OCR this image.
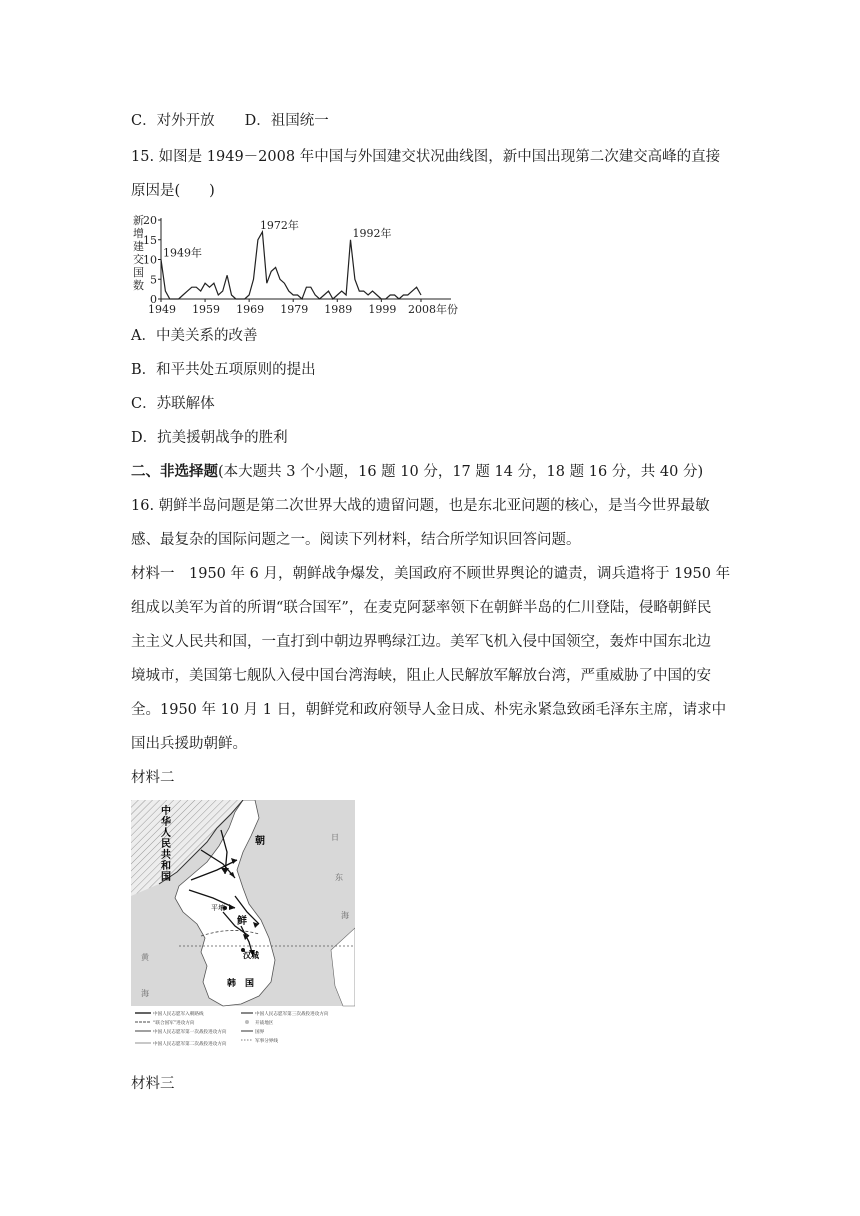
C．对外开放 D．祖国统一
15. 如图是 1949－2008 年中国与外国建交状况曲线图，新中国出现第二次建交高峰的直接
原因是(　　)
0
5
10
15
20
1949 1959 1969 1979 1989 1999 2008年份
1949年
1972年
1992年
新
增
建
交
国
数
A．中美关系的改善
B．和平共处五项原则的提出
C．苏联解体
D．抗美援朝战争的胜利
二、非选择题(本大题共 3 个小题，16 题 10 分，17 题 14 分，18 题 16 分，共 40 分)
16. 朝鲜半岛问题是第二次世界大战的遗留问题，也是东北亚问题的核心，是当今世界最敏
感、最复杂的国际问题之一。阅读下列材料，结合所学知识回答问题。
材料一　1950 年 6 月，朝鲜战争爆发，美国政府不顾世界舆论的谴责，调兵遣将于 1950 年
组成以美军为首的所谓“联合国军”，在麦克阿瑟率领下在朝鲜半岛的仁川登陆，侵略朝鲜民
主主义人民共和国，一直打到中朝边界鸭绿江边。美军飞机入侵中国领空，轰炸中国东北边
境城市，美国第七舰队入侵中国台湾海峡，阻止人民解放军解放台湾，严重威胁了中国的安
全。1950 年 10 月 1 日，朝鲜党和政府领导人金日成、朴宪永紧急致函毛泽东主席，请求中
国出兵援助朝鲜。
材料二
中华人民共和国
朝
鲜
平壤
汉城
韩　国
日
东
海
黄
海
中国人民志愿军入朝路线
“联合国军”进攻方向
中国人民志愿军第一次战役进攻方向
中国人民志愿军第二次战役进攻方向
中国人民志愿军第三次战役进攻方向
开战地区
国界
军事分界线
材料三
